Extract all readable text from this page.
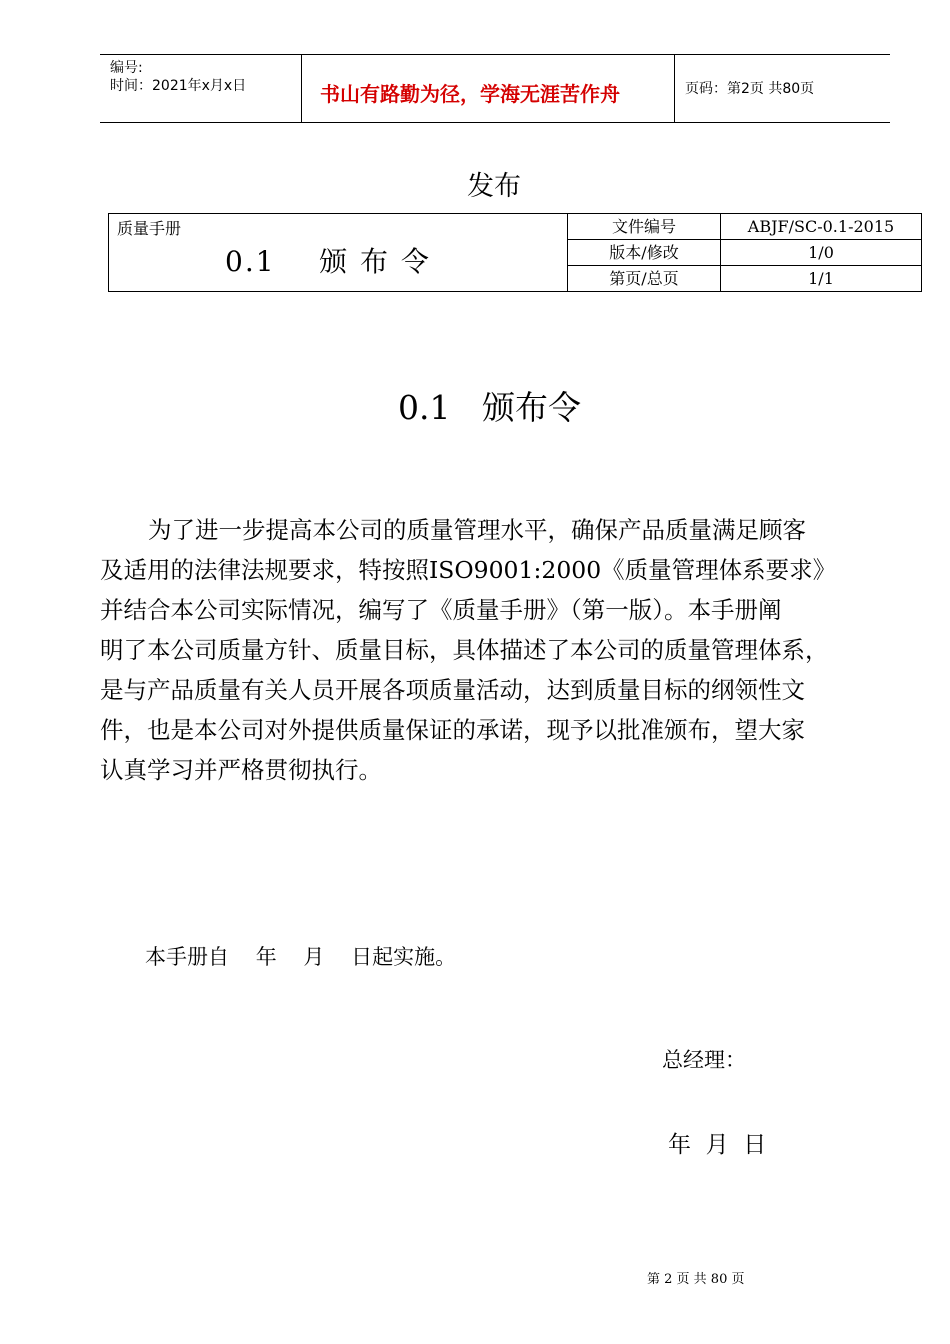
编号:
时间：2021年x月x日	书山有路勤为径，学海无涯苦作舟	页码：第2页 共80页
发布
质量手册
0.1    颁 布 令	文件编号	ABJF/SC-0.1-2015
	版本/修改	1/0
	第页/总页	1/1
0.1   颁布令
为了进一步提高本公司的质量管理水平，确保产品质量满足顾客
及适用的法律法规要求，特按照ISO9001:2000《质量管理体系要求》
并结合本公司实际情况，编写了《质量手册》（第一版）。本手册阐
明了本公司质量方针、质量目标，具体描述了本公司的质量管理体系，
是与产品质量有关人员开展各项质量活动，达到质量目标的纲领性文
件，也是本公司对外提供质量保证的承诺，现予以批准颁布，望大家
认真学习并严格贯彻执行。
本手册自    年    月    日起实施。
总经理：
年  月  日
第 2 页 共 80 页
